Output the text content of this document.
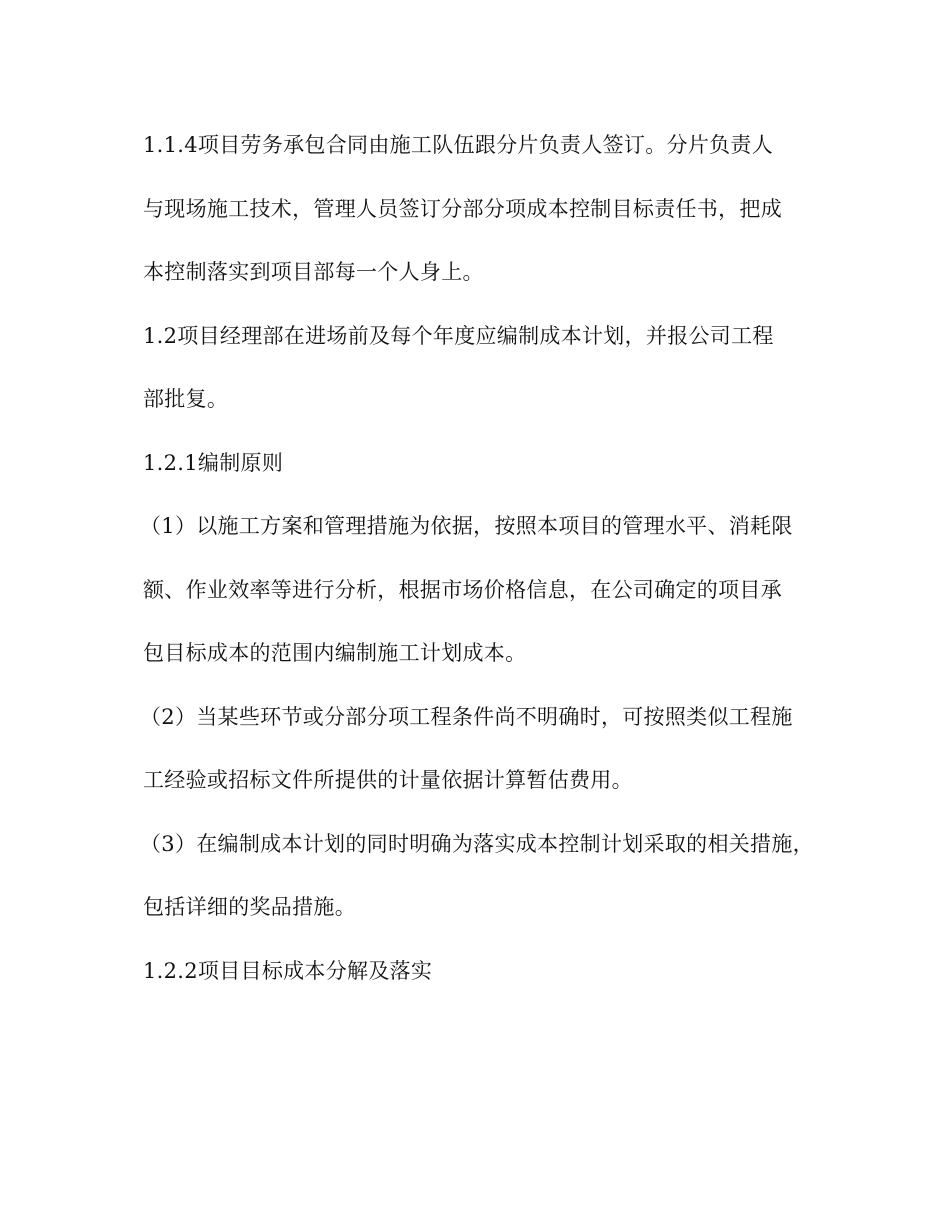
1.1.4项目劳务承包合同由施工队伍跟分片负责人签订。分片负责人
与现场施工技术，管理人员签订分部分项成本控制目标责任书，把成
本控制落实到项目部每一个人身上。
1.2项目经理部在进场前及每个年度应编制成本计划，并报公司工程
部批复。
1.2.1编制原则
（1）以施工方案和管理措施为依据，按照本项目的管理水平、消耗限
额、作业效率等进行分析，根据市场价格信息，在公司确定的项目承
包目标成本的范围内编制施工计划成本。
（2）当某些环节或分部分项工程条件尚不明确时，可按照类似工程施
工经验或招标文件所提供的计量依据计算暂估费用。
（3）在编制成本计划的同时明确为落实成本控制计划采取的相关措施，
包括详细的奖品措施。
1.2.2项目目标成本分解及落实
